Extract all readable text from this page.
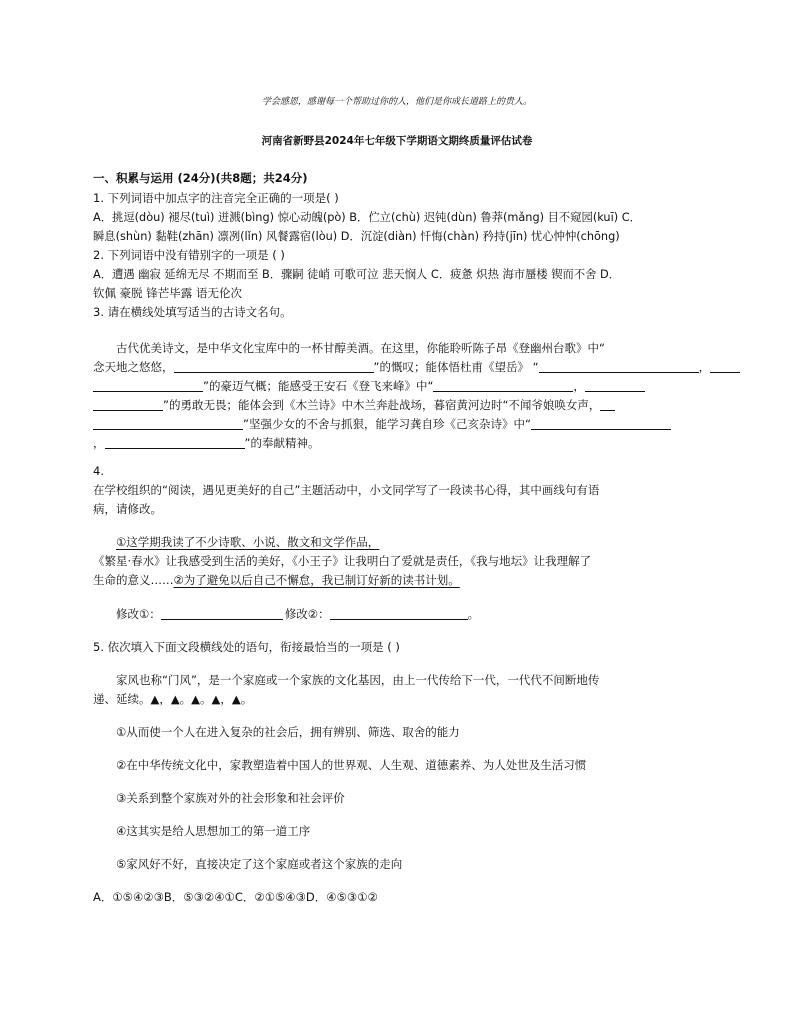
学会感恩，感谢每一个帮助过你的人，他们是你成长道路上的贵人。
河南省新野县2024年七年级下学期语文期终质量评估试卷
一、积累与运用 (24分)(共8题；共24分)
1. 下列词语中加点字的注音完全正确的一项是( )
A．挑逗(dòu) 褪尽(tuì) 迸溅(bìng) 惊心动魄(pò) B．伫立(chù) 迟钝(dùn) 鲁莽(mǎng) 目不窥园(kuī) C．
瞬息(shùn) 黏鞋(zhān) 凛冽(lǐn) 风餐露宿(lòu) D．沉淀(diàn) 忏悔(chàn) 矜持(jīn) 忧心忡忡(chōng)
2. 下列词语中没有错别字的一项是 ( )
A．遭遇 幽寂 延绵无尽 不期而至 B．骤嗣 徒峭 可歌可泣 悲天悯人 C．疲惫 炽热 海市蜃楼 锲而不舍 D．
钦佩 豪脱 锋芒毕露 语无伦次
3. 请在横线处填写适当的古诗文名句。
古代优美诗文，是中华文化宝库中的一杯甘醇美酒。在这里，你能聆听陈子昂《登幽州台歌》中“
念天地之悠悠，	”的慨叹；能体悟杜甫《望岳》 “	，
”的豪迈气概；能感受王安石《登飞来峰》中“	，
”的勇敢无畏；能体会到《木兰诗》中木兰奔赴战场，暮宿黄河边时“不闻爷娘唤女声，
”坚强少女的不舍与抓狠，能学习龚自珍《己亥杂诗》中“
，	”的奉献精神。
4.
在学校组织的“阅读，遇见更美好的自己”主题活动中，小文同学写了一段读书心得，其中画线句有语
病，请修改。
①这学期我读了不少诗歌、小说、散文和文学作品，
《繁星·春水》让我感受到生活的美好，《小王子》让我明白了爱就是责任，《我与地坛》让我理解了
生命的意义……②为了避免以后自己不懈怠，我已制订好新的读书计划。
修改①：	修改②：	。
5. 依次填入下面文段横线处的语句，衔接最恰当的一项是 ( )
家风也称“门风”，是一个家庭或一个家族的文化基因，由上一代传给下一代，一代代不间断地传
递、延续。▲，▲。▲。▲，▲。
①从而使一个人在进入复杂的社会后，拥有辨别、筛选、取舍的能力
②在中华传统文化中，家教塑造着中国人的世界观、人生观、道德素养、为人处世及生活习惯
③关系到整个家族对外的社会形象和社会评价
④这其实是给人思想加工的第一道工序
⑤家风好不好，直接决定了这个家庭或者这个家族的走向
A．①⑤④②③B．⑤③②④①C．②①⑤④③D．④⑤③①②
